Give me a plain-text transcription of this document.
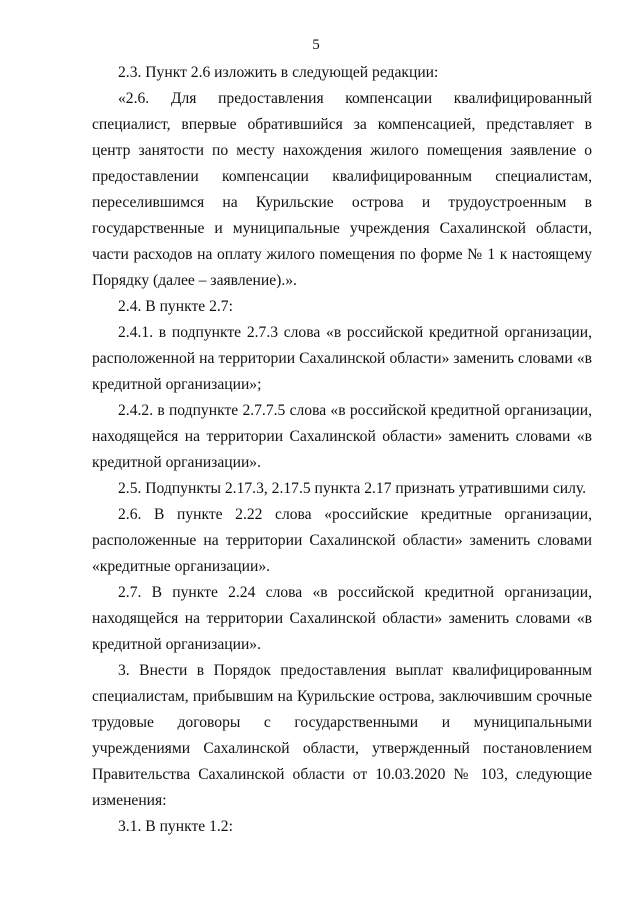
5

2.3. Пункт 2.6 изложить в следующей редакции:

«2.6. Для предоставления компенсации квалифицированный специалист, впервые обратившийся за компенсацией, представляет в центр занятости по месту нахождения жилого помещения заявление о предоставлении компенсации квалифицированным специалистам, переселившимся на Курильские острова и трудоустроенным в государственные и муниципальные учреждения Сахалинской области, части расходов на оплату жилого помещения по форме № 1 к настоящему Порядку (далее – заявление).».

2.4. В пункте 2.7:

2.4.1. в подпункте 2.7.3 слова «в российской кредитной организации, расположенной на территории Сахалинской области» заменить словами «в кредитной организации»;

2.4.2. в подпункте 2.7.7.5 слова «в российской кредитной организации, находящейся на территории Сахалинской области» заменить словами «в кредитной организации».

2.5. Подпункты 2.17.3, 2.17.5 пункта 2.17 признать утратившими силу.

2.6. В пункте 2.22 слова «российские кредитные организации, расположенные на территории Сахалинской области» заменить словами «кредитные организации».

2.7. В пункте 2.24 слова «в российской кредитной организации, находящейся на территории Сахалинской области» заменить словами «в кредитной организации».

3. Внести в Порядок предоставления выплат квалифицированным специалистам, прибывшим на Курильские острова, заключившим срочные трудовые договоры с государственными и муниципальными учреждениями Сахалинской области, утвержденный постановлением Правительства Сахалинской области от 10.03.2020 № 103, следующие изменения:

3.1. В пункте 1.2:
